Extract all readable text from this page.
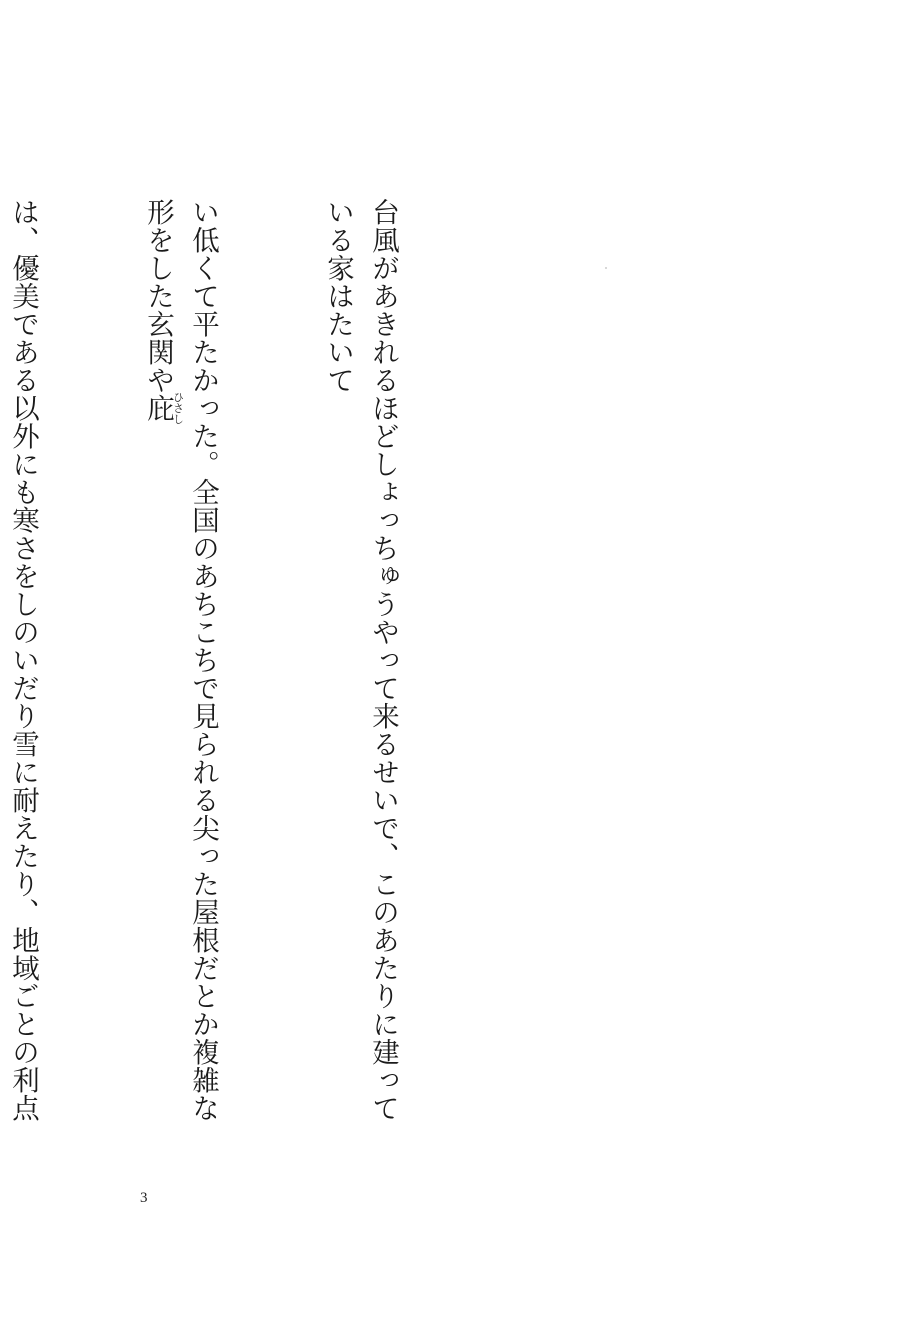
台風があきれるほどしょっちゅうやって来るせいで、このあたりに建っている家はたいて

い低くて平たかった。全国のあちこちで見られる尖った屋根だとか複雑な形をした玄関や庇ひさし

は、優美である以外にも寒さをしのいだり雪に耐えたり、地域ごとの利点

3
